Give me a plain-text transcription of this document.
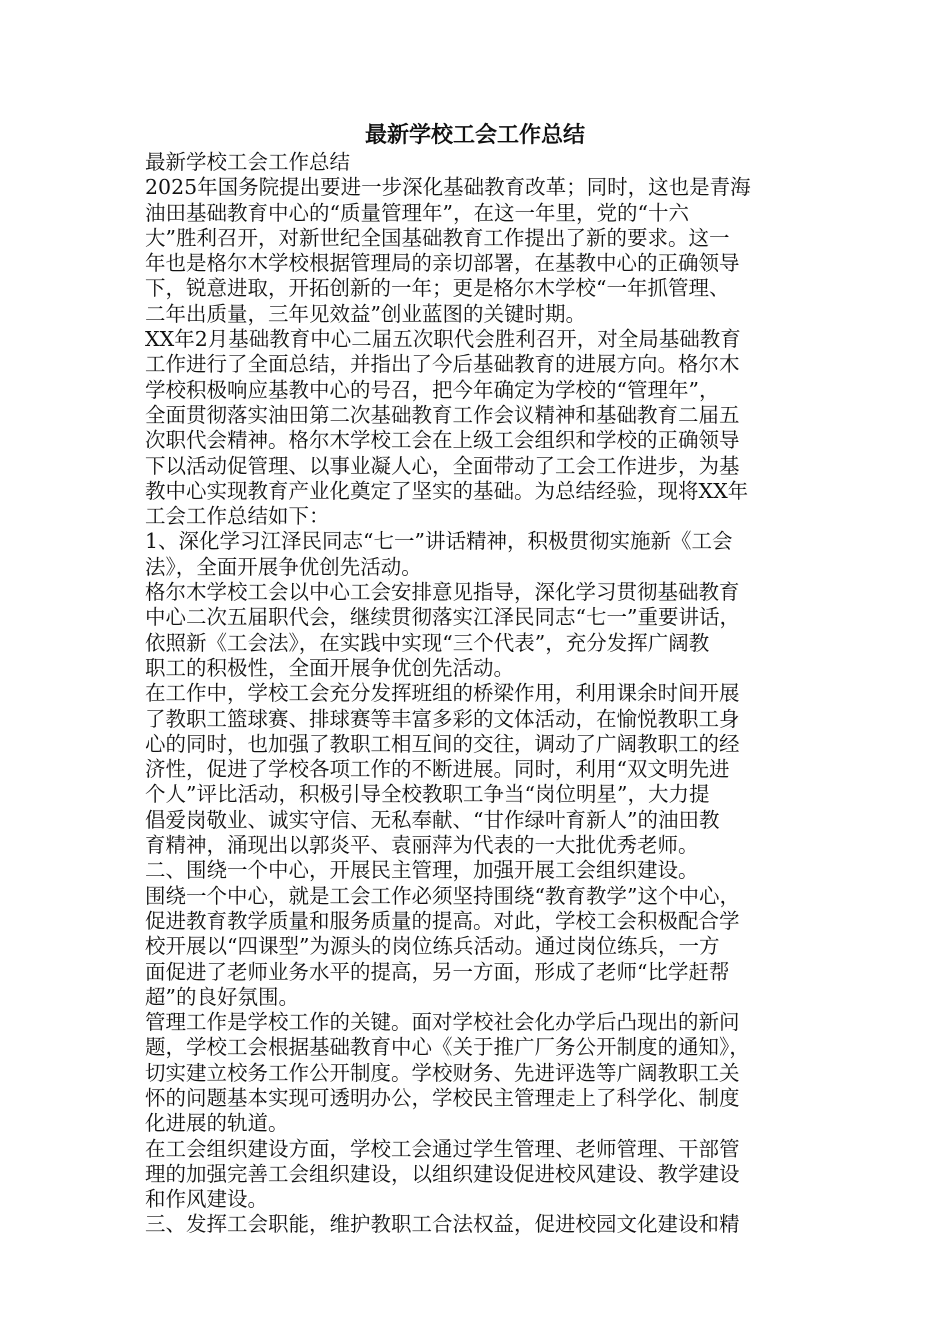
最新学校工会工作总结
最新学校工会工作总结
2025年国务院提出要进一步深化基础教育改革；同时，这也是青海
油田基础教育中心的“质量管理年”，在这一年里，党的“十六
大”胜利召开，对新世纪全国基础教育工作提出了新的要求。这一
年也是格尔木学校根据管理局的亲切部署，在基教中心的正确领导
下，锐意进取，开拓创新的一年；更是格尔木学校“一年抓管理、
二年出质量，三年见效益”创业蓝图的关键时期。
XX年2月基础教育中心二届五次职代会胜利召开，对全局基础教育
工作进行了全面总结，并指出了今后基础教育的进展方向。格尔木
学校积极响应基教中心的号召，把今年确定为学校的“管理年”，
全面贯彻落实油田第二次基础教育工作会议精神和基础教育二届五
次职代会精神。格尔木学校工会在上级工会组织和学校的正确领导
下以活动促管理、以事业凝人心，全面带动了工会工作进步，为基
教中心实现教育产业化奠定了坚实的基础。为总结经验，现将XX年
工会工作总结如下：
1、深化学习江泽民同志“七一”讲话精神，积极贯彻实施新《工会
法》，全面开展争优创先活动。
格尔木学校工会以中心工会安排意见指导，深化学习贯彻基础教育
中心二次五届职代会，继续贯彻落实江泽民同志“七一”重要讲话，
依照新《工会法》，在实践中实现“三个代表”，充分发挥广阔教
职工的积极性，全面开展争优创先活动。
在工作中，学校工会充分发挥班组的桥梁作用，利用课余时间开展
了教职工篮球赛、排球赛等丰富多彩的文体活动，在愉悦教职工身
心的同时，也加强了教职工相互间的交往，调动了广阔教职工的经
济性，促进了学校各项工作的不断进展。同时，利用“双文明先进
个人”评比活动，积极引导全校教职工争当“岗位明星”，大力提
倡爱岗敬业、诚实守信、无私奉献、“甘作绿叶育新人”的油田教
育精神，涌现出以郭炎平、袁丽萍为代表的一大批优秀老师。
二、围绕一个中心，开展民主管理，加强开展工会组织建设。
围绕一个中心，就是工会工作必须坚持围绕“教育教学”这个中心，
促进教育教学质量和服务质量的提高。对此，学校工会积极配合学
校开展以“四课型”为源头的岗位练兵活动。通过岗位练兵，一方
面促进了老师业务水平的提高，另一方面，形成了老师“比学赶帮
超”的良好氛围。
管理工作是学校工作的关键。面对学校社会化办学后凸现出的新问
题，学校工会根据基础教育中心《关于推广厂务公开制度的通知》，
切实建立校务工作公开制度。学校财务、先进评选等广阔教职工关
怀的问题基本实现可透明办公，学校民主管理走上了科学化、制度
化进展的轨道。
在工会组织建设方面，学校工会通过学生管理、老师管理、干部管
理的加强完善工会组织建设，以组织建设促进校风建设、教学建设
和作风建设。
三、发挥工会职能，维护教职工合法权益，促进校园文化建设和精
